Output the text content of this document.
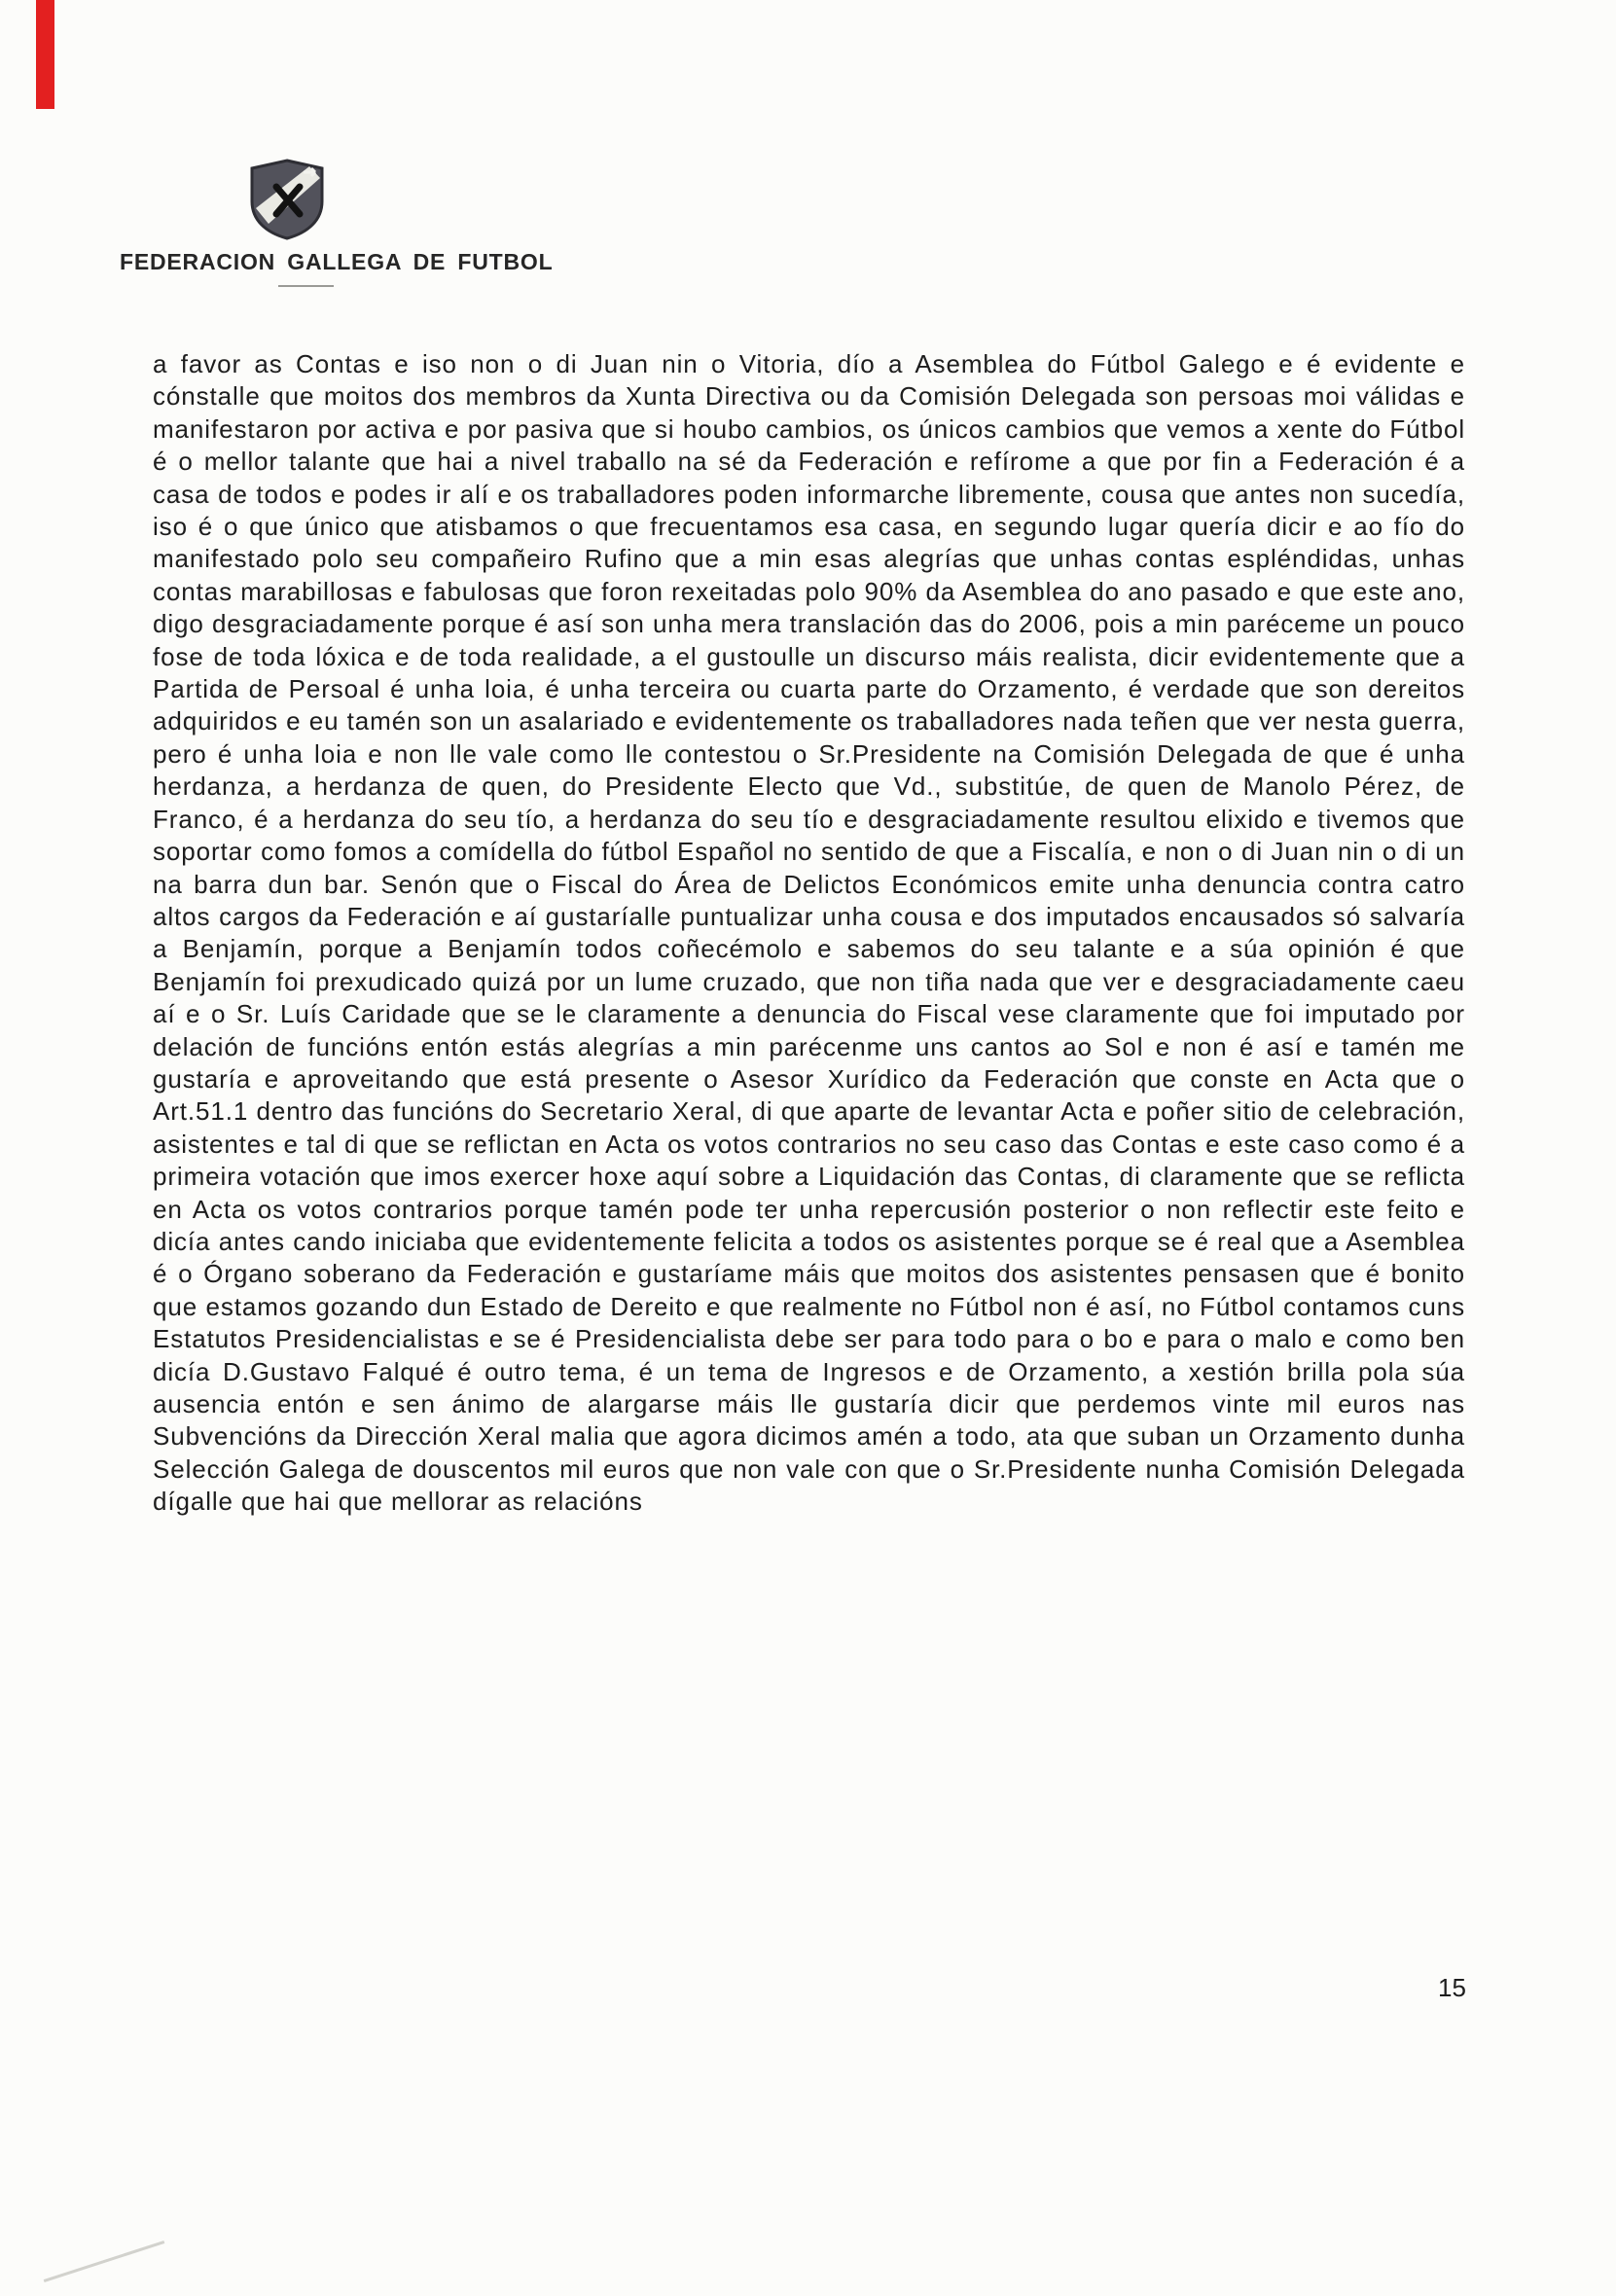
FEDERACION GALLEGA DE FUTBOL
a favor as Contas e iso non o di Juan nin o Vitoria, dío a Asemblea do Fútbol Galego e é evidente e cónstalle que moitos dos membros da Xunta Directiva ou da Comisión Delegada son persoas moi válidas e manifestaron por activa e por pasiva que si houbo cambios, os únicos cambios que vemos a xente do Fútbol é o mellor talante que hai a nivel traballo na sé da Federación e refírome a que por fin a Federación é a casa de todos e podes ir alí e os traballadores poden informarche libremente, cousa que antes non sucedía, iso é o que único que atisbamos o que frecuentamos esa casa, en segundo lugar quería dicir e ao fío do manifestado polo seu compañeiro Rufino que a min esas alegrías que unhas contas espléndidas, unhas contas marabillosas e fabulosas que foron rexeitadas polo 90% da Asemblea do ano pasado e que este ano, digo desgraciadamente porque é así son unha mera translación das do 2006, pois a min paréceme un pouco fose de toda lóxica e de toda realidade, a el gustoulle un discurso máis realista, dicir evidentemente que a Partida de Persoal é unha loia, é unha terceira ou cuarta parte do Orzamento, é verdade que son dereitos adquiridos e eu tamén son un asalariado e evidentemente os traballadores nada teñen que ver nesta guerra, pero é unha loia e non lle vale como lle contestou o Sr.Presidente na Comisión Delegada de que é unha herdanza, a herdanza de quen, do Presidente Electo que Vd., substitúe, de quen de Manolo Pérez, de Franco, é a herdanza do seu tío, a herdanza do seu tío e desgraciadamente resultou elixido e tivemos que soportar como fomos a comídella do fútbol Español no sentido de que a Fiscalía, e non o di Juan nin o di un na barra dun bar. Senón que o Fiscal do Área de Delictos Económicos emite unha denuncia contra catro altos cargos da Federación e aí gustaríalle puntualizar unha cousa e dos imputados encausados só salvaría a Benjamín, porque a Benjamín todos coñecémolo e sabemos do seu talante e a súa opinión é que Benjamín foi prexudicado quizá por un lume cruzado, que non tiña nada que ver e desgraciadamente caeu aí e o Sr. Luís Caridade que se le claramente a denuncia do Fiscal vese claramente que foi imputado por delación de funcións entón estás alegrías a min parécenme uns cantos ao Sol e non é así e tamén me gustaría e aproveitando que está presente o Asesor Xurídico da Federación que conste en Acta que o Art.51.1 dentro das funcións do Secretario Xeral, di que aparte de levantar Acta e poñer sitio de celebración, asistentes e tal di que se reflictan en Acta os votos contrarios no seu caso das Contas e este caso como é a primeira votación que imos exercer hoxe aquí sobre a Liquidación das Contas, di claramente que se reflicta en Acta os votos contrarios porque tamén pode ter unha repercusión posterior o non reflectir este feito e dicía antes cando iniciaba que evidentemente felicita a todos os asistentes porque se é real que a Asemblea é o Órgano soberano da Federación e gustaríame máis que moitos dos asistentes pensasen que é bonito que estamos gozando dun Estado de Dereito e que realmente no Fútbol non é así, no Fútbol contamos cuns Estatutos Presidencialistas e se é Presidencialista debe ser para todo para o bo e para o malo e como ben dicía D.Gustavo Falqué é outro tema, é un tema de Ingresos e de Orzamento, a xestión brilla pola súa ausencia entón e sen ánimo de alargarse máis lle gustaría dicir que perdemos vinte mil euros nas Subvencións da Dirección Xeral malia que agora dicimos amén a todo, ata que suban un Orzamento dunha Selección Galega de douscentos mil euros que non vale con que o Sr.Presidente nunha Comisión Delegada dígalle que hai que mellorar as relacións
15
